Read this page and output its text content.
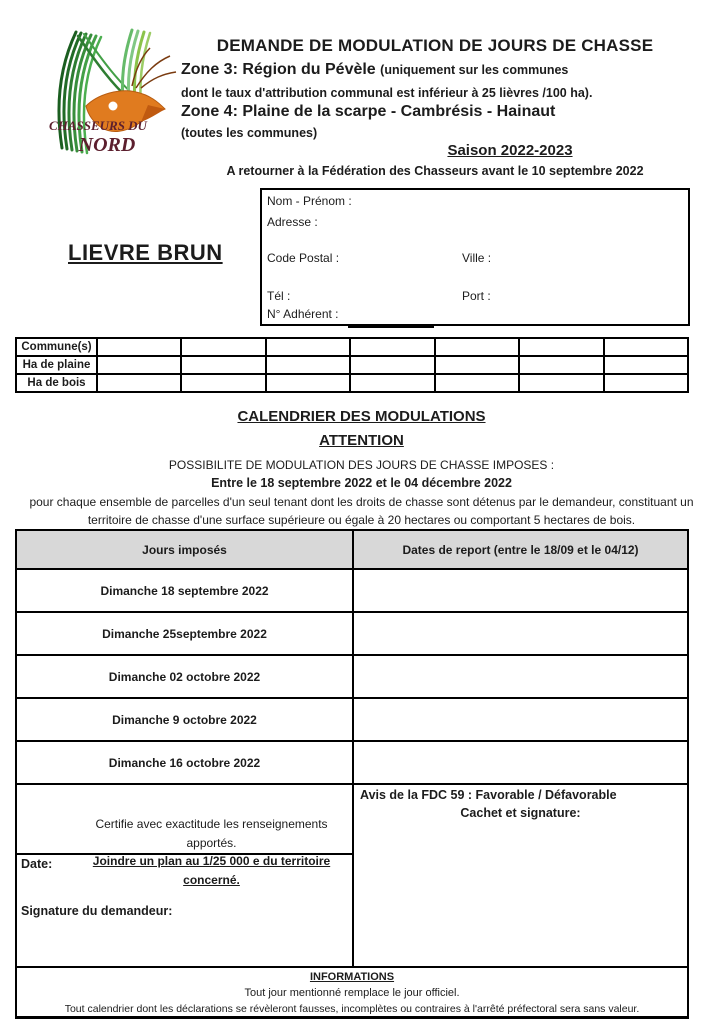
CHASSEURS DU
NORD
DEMANDE DE MODULATION DE JOURS DE CHASSE
Zone 3: Région du Pévèle (uniquement sur les communes
dont le taux d'attribution communal est inférieur à 25 lièvres /100 ha).
Zone 4: Plaine de la scarpe - Cambrésis - Hainaut
(toutes les communes)
Saison 2022-2023
A retourner à la Fédération des Chasseurs avant le 10 septembre 2022
LIEVRE BRUN
Nom - Prénom :
Adresse :
Code Postal :	Ville :
Tél :	Port :
N° Adhérent :
Commune(s)
Ha de plaine
Ha de bois
CALENDRIER DES MODULATIONS
ATTENTION
POSSIBILITE DE MODULATION DES JOURS DE CHASSE IMPOSES :
Entre le 18 septembre 2022 et le 04 décembre 2022
pour chaque ensemble de parcelles d'un seul tenant dont les droits de chasse sont détenus par le demandeur, constituant un
territoire de chasse d'une surface supérieure ou égale à 20 hectares ou comportant 5 hectares de bois.
Jours imposés	Dates de report (entre le 18/09 et le 04/12)
Dimanche 18 septembre 2022
Dimanche 25septembre 2022
Dimanche 02 octobre 2022
Dimanche 9 octobre 2022
Dimanche 16 octobre 2022
Certifie avec exactitude les renseignements apportés.
Joindre un plan au 1/25 000 e du territoire concerné.
Date:
Signature du demandeur:
Avis de la FDC 59 : Favorable / Défavorable
Cachet et signature:
INFORMATIONS
Tout jour mentionné remplace le jour officiel.
Tout calendrier dont les déclarations se révèleront fausses, incomplètes ou contraires à l'arrêté préfectoral sera sans valeur.
